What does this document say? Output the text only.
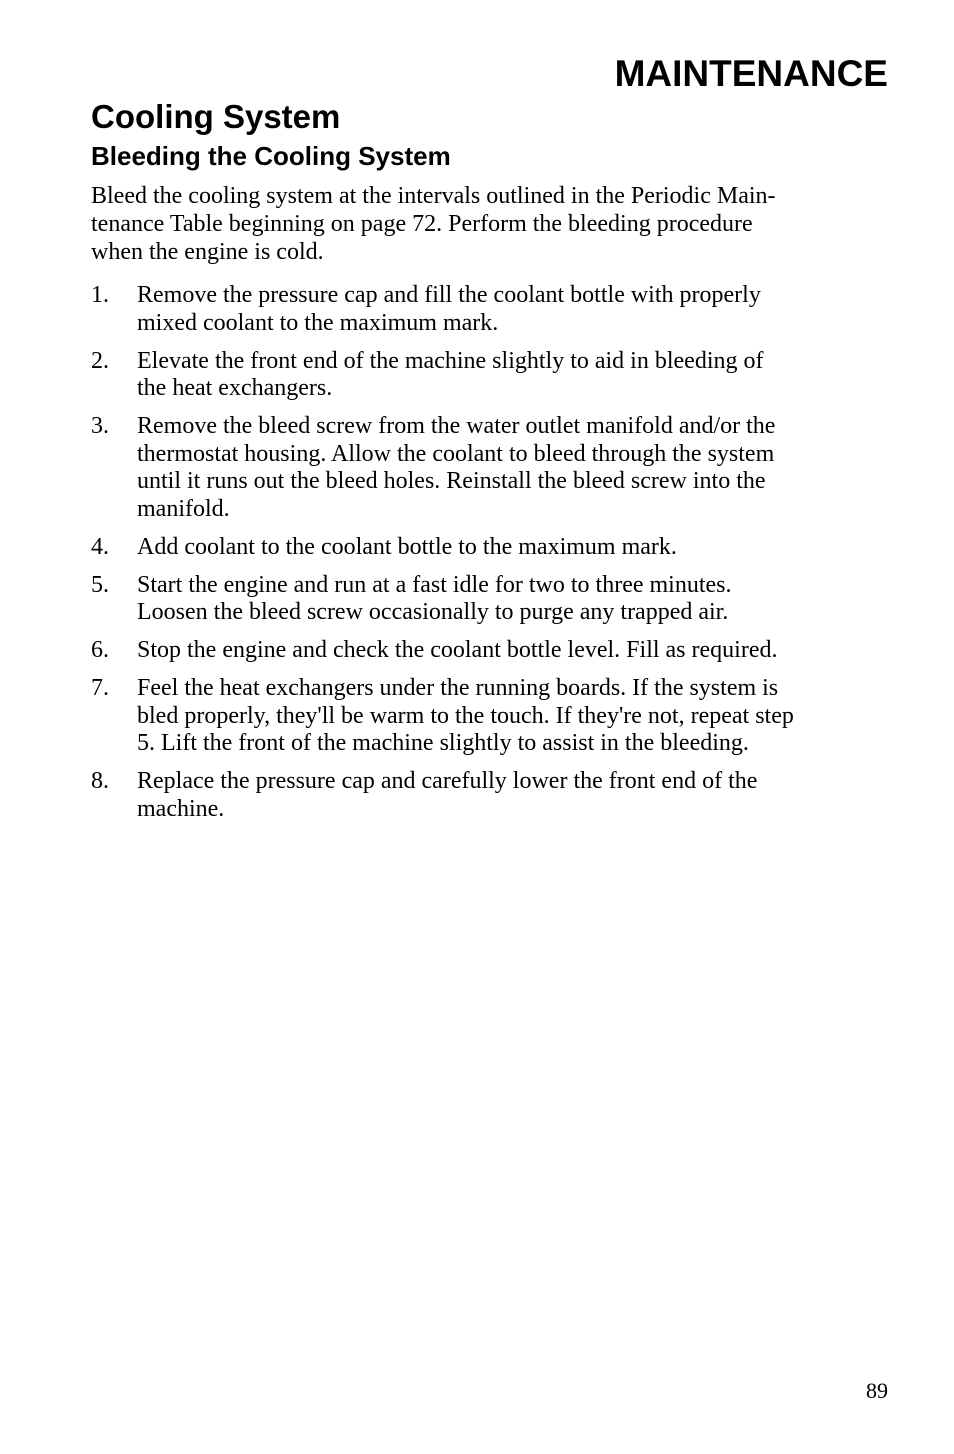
MAINTENANCE
Cooling System
Bleeding the Cooling System

Bleed the cooling system at the intervals outlined in the Periodic Main-
tenance Table beginning on page 72. Perform the bleeding procedure
when the engine is cold.

1. Remove the pressure cap and fill the coolant bottle with properly
mixed coolant to the maximum mark.
2. Elevate the front end of the machine slightly to aid in bleeding of
the heat exchangers.
3. Remove the bleed screw from the water outlet manifold and/or the
thermostat housing. Allow the coolant to bleed through the system
until it runs out the bleed holes. Reinstall the bleed screw into the
manifold.
4. Add coolant to the coolant bottle to the maximum mark.
5. Start the engine and run at a fast idle for two to three minutes.
Loosen the bleed screw occasionally to purge any trapped air.
6. Stop the engine and check the coolant bottle level. Fill as required.
7. Feel the heat exchangers under the running boards. If the system is
bled properly, they'll be warm to the touch. If they're not, repeat step
5. Lift the front of the machine slightly to assist in the bleeding.
8. Replace the pressure cap and carefully lower the front end of the
machine.
89
